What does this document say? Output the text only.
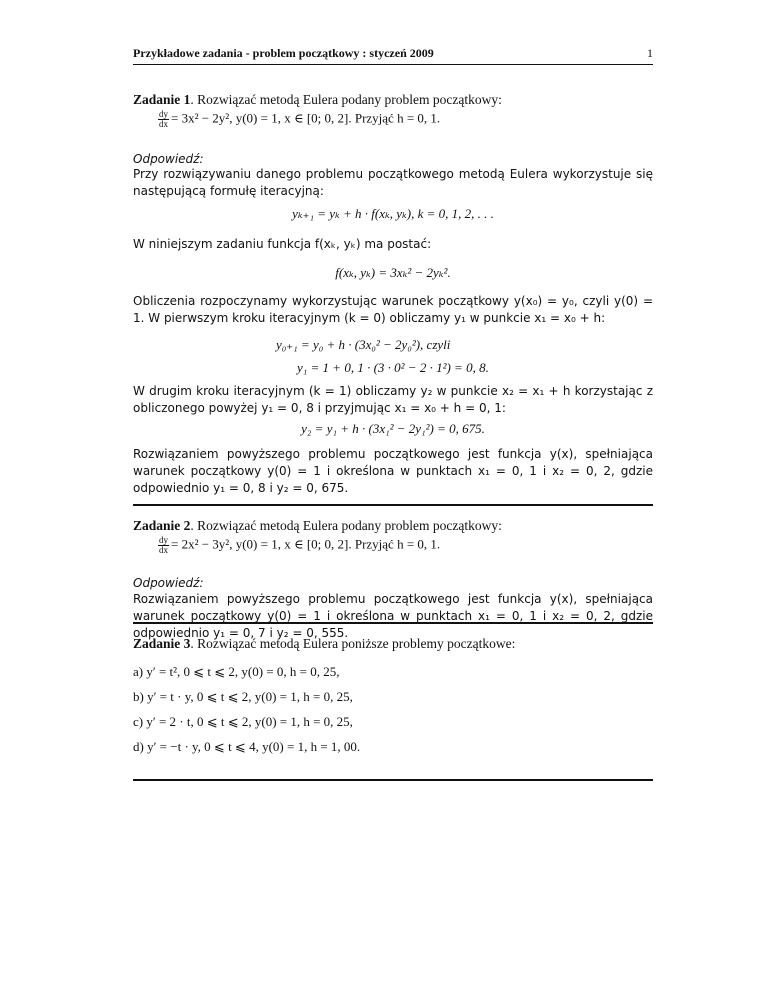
Przykładowe zadania - problem początkowy : styczeń 2009	1
Zadanie 1. Rozwiązać metodą Eulera podany problem początkowy:
$\frac{dy}{dx} = 3x^2 - 2y^2$, y(0) = 1, x ∈ [0; 0, 2]. Przyjąć h = 0, 1.
Odpowiedź:
Przy rozwiązywaniu danego problemu początkowego metodą Eulera wykorzystuje się następującą formułę iteracyjną:
yₖ₊₁ = yₖ + h · f(xₖ, yₖ), k = 0, 1, 2, . . .
W niniejszym zadaniu funkcja f(xₖ, yₖ) ma postać:
f(xₖ, yₖ) = 3xₖ² − 2yₖ².
Obliczenia rozpoczynamy wykorzystując warunek początkowy y(x₀) = y₀, czyli y(0) = 1. W pierwszym kroku iteracyjnym (k = 0) obliczamy y₁ w punkcie x₁ = x₀ + h:
y₀₊₁ = y₀ + h · (3x₀² − 2y₀²), czyli
y₁ = 1 + 0, 1 · (3 · 0² − 2 · 1²) = 0, 8.
W drugim kroku iteracyjnym (k = 1) obliczamy y₂ w punkcie x₂ = x₁ + h korzystając z obliczonego powyżej y₁ = 0, 8 i przyjmując x₁ = x₀ + h = 0, 1:
y₂ = y₁ + h · (3x₁² − 2y₁²) = 0, 675.
Rozwiązaniem powyższego problemu początkowego jest funkcja y(x), spełniająca warunek początkowy y(0) = 1 i określona w punktach x₁ = 0, 1 i x₂ = 0, 2, gdzie odpowiednio y₁ = 0, 8 i y₂ = 0, 675.
Zadanie 2. Rozwiązać metodą Eulera podany problem początkowy:
$\frac{dy}{dx} = 2x^2 - 3y^2$, y(0) = 1, x ∈ [0; 0, 2]. Przyjąć h = 0, 1.
Odpowiedź:
Rozwiązaniem powyższego problemu początkowego jest funkcja y(x), spełniająca warunek początkowy y(0) = 1 i określona w punktach x₁ = 0, 1 i x₂ = 0, 2, gdzie odpowiednio y₁ = 0, 7 i y₂ = 0, 555.
Zadanie 3. Rozwiązać metodą Eulera poniższe problemy początkowe:
a) y′ = t², 0 ⩽ t ⩽ 2, y(0) = 0, h = 0, 25,
b) y′ = t · y, 0 ⩽ t ⩽ 2, y(0) = 1, h = 0, 25,
c) y′ = 2 · t, 0 ⩽ t ⩽ 2, y(0) = 1, h = 0, 25,
d) y′ = −t · y, 0 ⩽ t ⩽ 4, y(0) = 1, h = 1, 00.
